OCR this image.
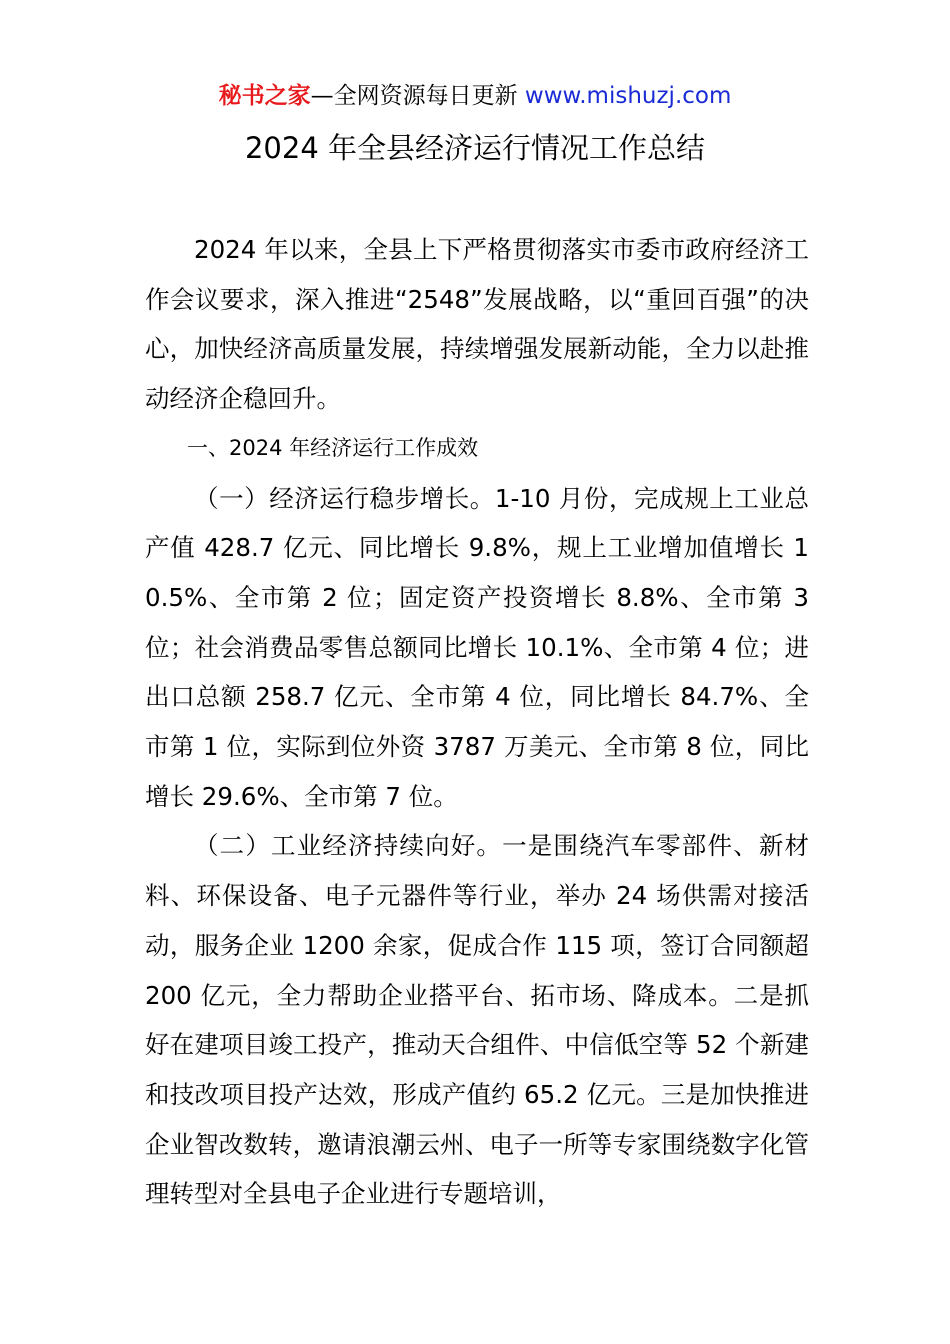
秘书之家—全网资源每日更新 www.mishuzj.com
2024 年全县经济运行情况工作总结

2024 年以来，全县上下严格贯彻落实市委市政府经济工作会议要求，深入推进“2548”发展战略，以“重回百强”的决心，加快经济高质量发展，持续增强发展新动能，全力以赴推动经济企稳回升。

一、2024 年经济运行工作成效

（一）经济运行稳步增长。1-10 月份，完成规上工业总产值 428.7 亿元、同比增长 9.8%，规上工业增加值增长 10.5%、全市第 2 位；固定资产投资增长 8.8%、全市第 3 位；社会消费品零售总额同比增长 10.1%、全市第 4 位；进出口总额 258.7 亿元、全市第 4 位，同比增长 84.7%、全市第 1 位，实际到位外资 3787 万美元、全市第 8 位，同比增长 29.6%、全市第 7 位。

（二）工业经济持续向好。一是围绕汽车零部件、新材料、环保设备、电子元器件等行业，举办 24 场供需对接活动，服务企业 1200 余家，促成合作 115 项，签订合同额超 200 亿元，全力帮助企业搭平台、拓市场、降成本。二是抓好在建项目竣工投产，推动天合组件、中信低空等 52 个新建和技改项目投产达效，形成产值约 65.2 亿元。三是加快推进企业智改数转，邀请浪潮云州、电子一所等专家围绕数字化管理转型对全县电子企业进行专题培训，
